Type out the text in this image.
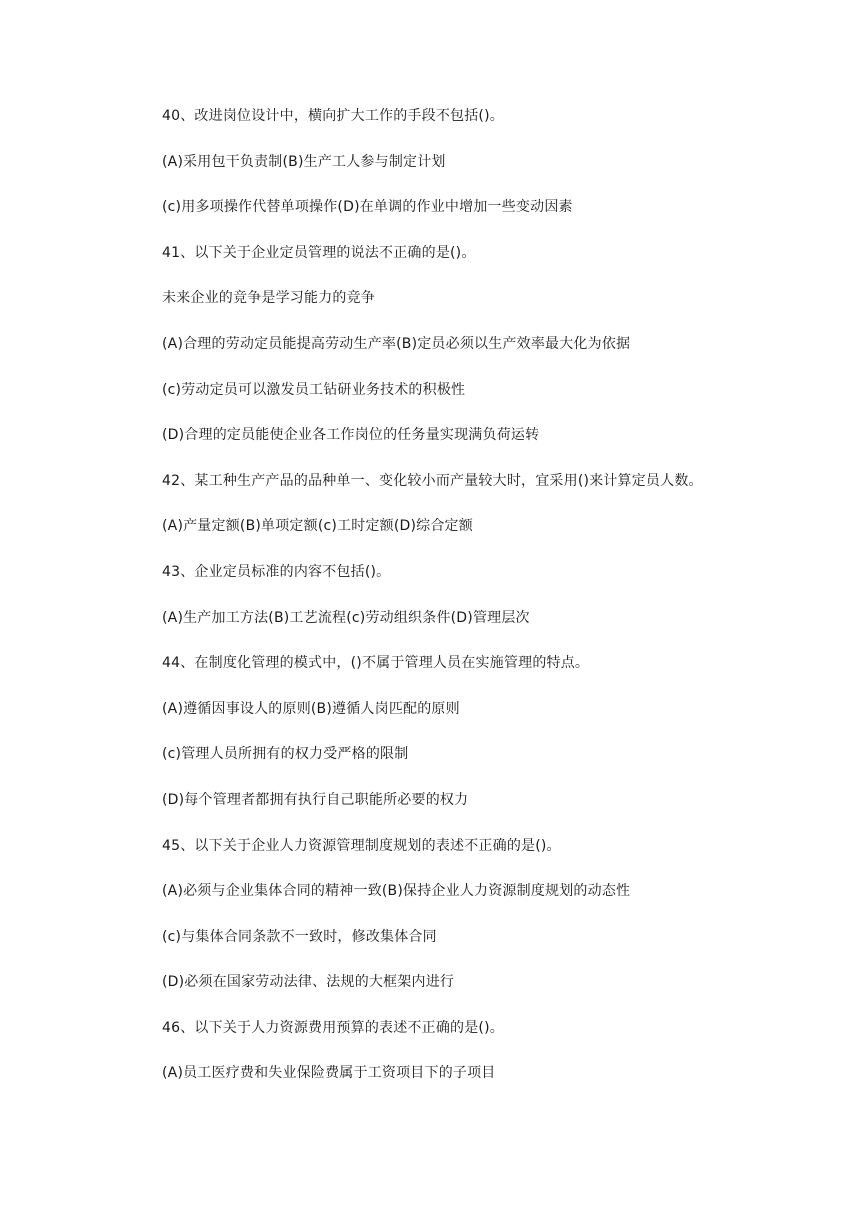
40、改进岗位设计中，横向扩大工作的手段不包括()。
(A)采用包干负责制(B)生产工人参与制定计划
(c)用多项操作代替单项操作(D)在单调的作业中增加一些变动因素
41、以下关于企业定员管理的说法不正确的是()。
未来企业的竞争是学习能力的竞争
(A)合理的劳动定员能提高劳动生产率(B)定员必须以生产效率最大化为依据
(c)劳动定员可以激发员工钻研业务技术的积极性
(D)合理的定员能使企业各工作岗位的任务量实现满负荷运转
42、某工种生产产品的品种单一、变化较小而产量较大时，宜采用()来计算定员人数。
(A)产量定额(B)单项定额(c)工时定额(D)综合定额
43、企业定员标准的内容不包括()。
(A)生产加工方法(B)工艺流程(c)劳动组织条件(D)管理层次
44、在制度化管理的模式中，()不属于管理人员在实施管理的特点。
(A)遵循因事设人的原则(B)遵循人岗匹配的原则
(c)管理人员所拥有的权力受严格的限制
(D)每个管理者都拥有执行自己职能所必要的权力
45、以下关于企业人力资源管理制度规划的表述不正确的是()。
(A)必须与企业集体合同的精神一致(B)保持企业人力资源制度规划的动态性
(c)与集体合同条款不一致时，修改集体合同
(D)必须在国家劳动法律、法规的大框架内进行
46、以下关于人力资源费用预算的表述不正确的是()。
(A)员工医疗费和失业保险费属于工资项目下的子项目
